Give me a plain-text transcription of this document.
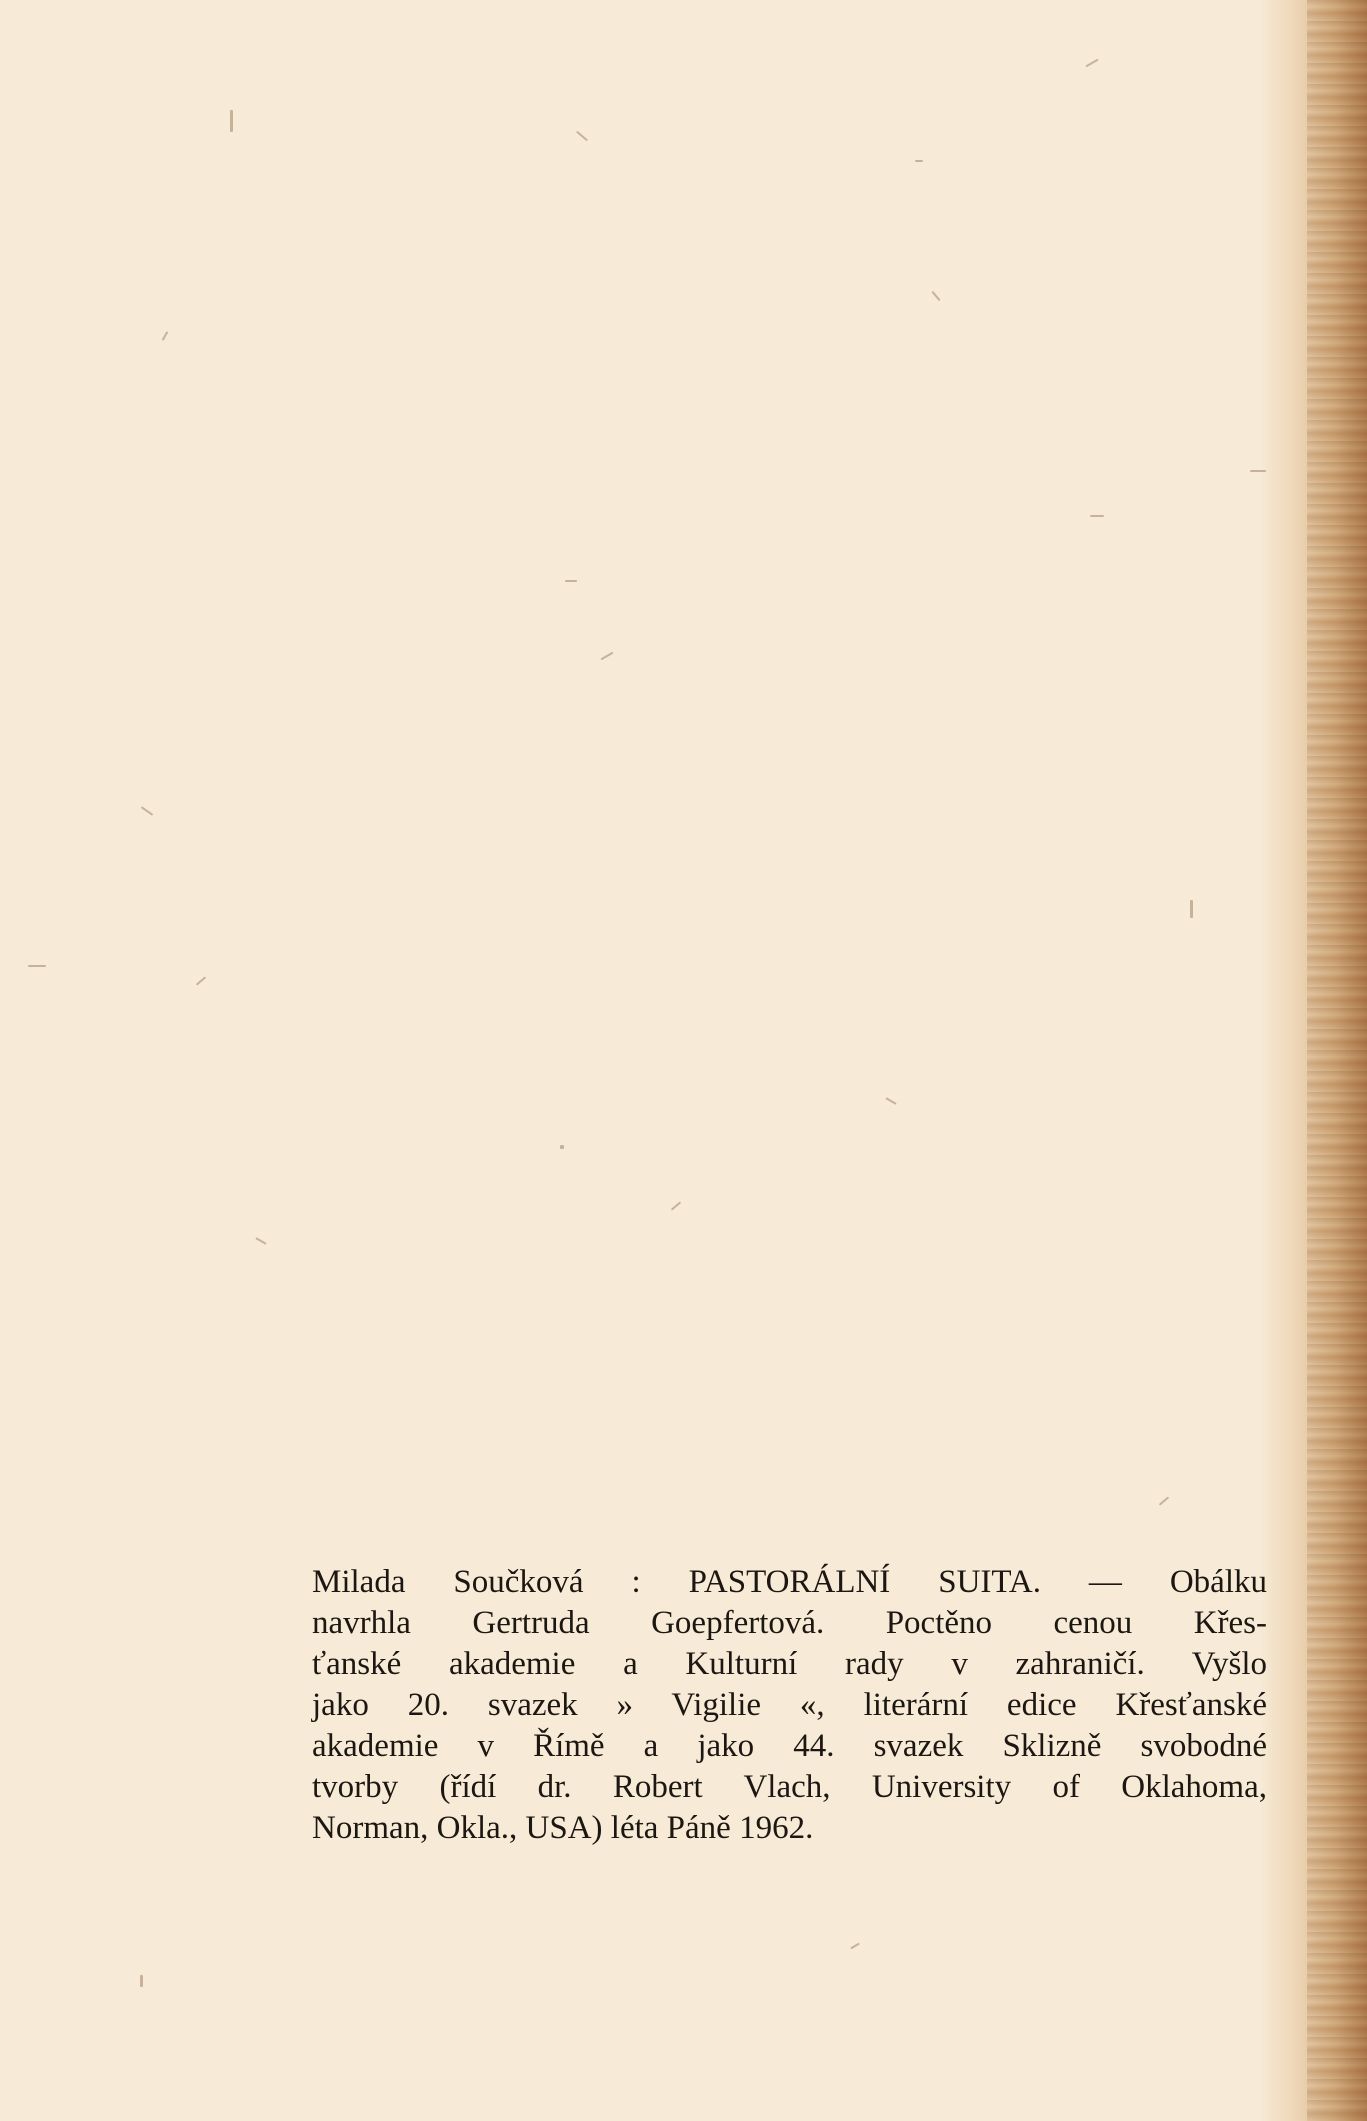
Milada Součková : PASTORÁLNÍ SUITA. — Obálku
navrhla Gertruda Goepfertová. Poctěno cenou Křes-
ťanské akademie a Kulturní rady v zahraničí. Vyšlo
jako 20. svazek » Vigilie «, literární edice Křesťanské
akademie v Římě a jako 44. svazek Sklizně svobodné
tvorby (řídí dr. Robert Vlach, University of Oklahoma,
Norman, Okla., USA) léta Páně 1962.
